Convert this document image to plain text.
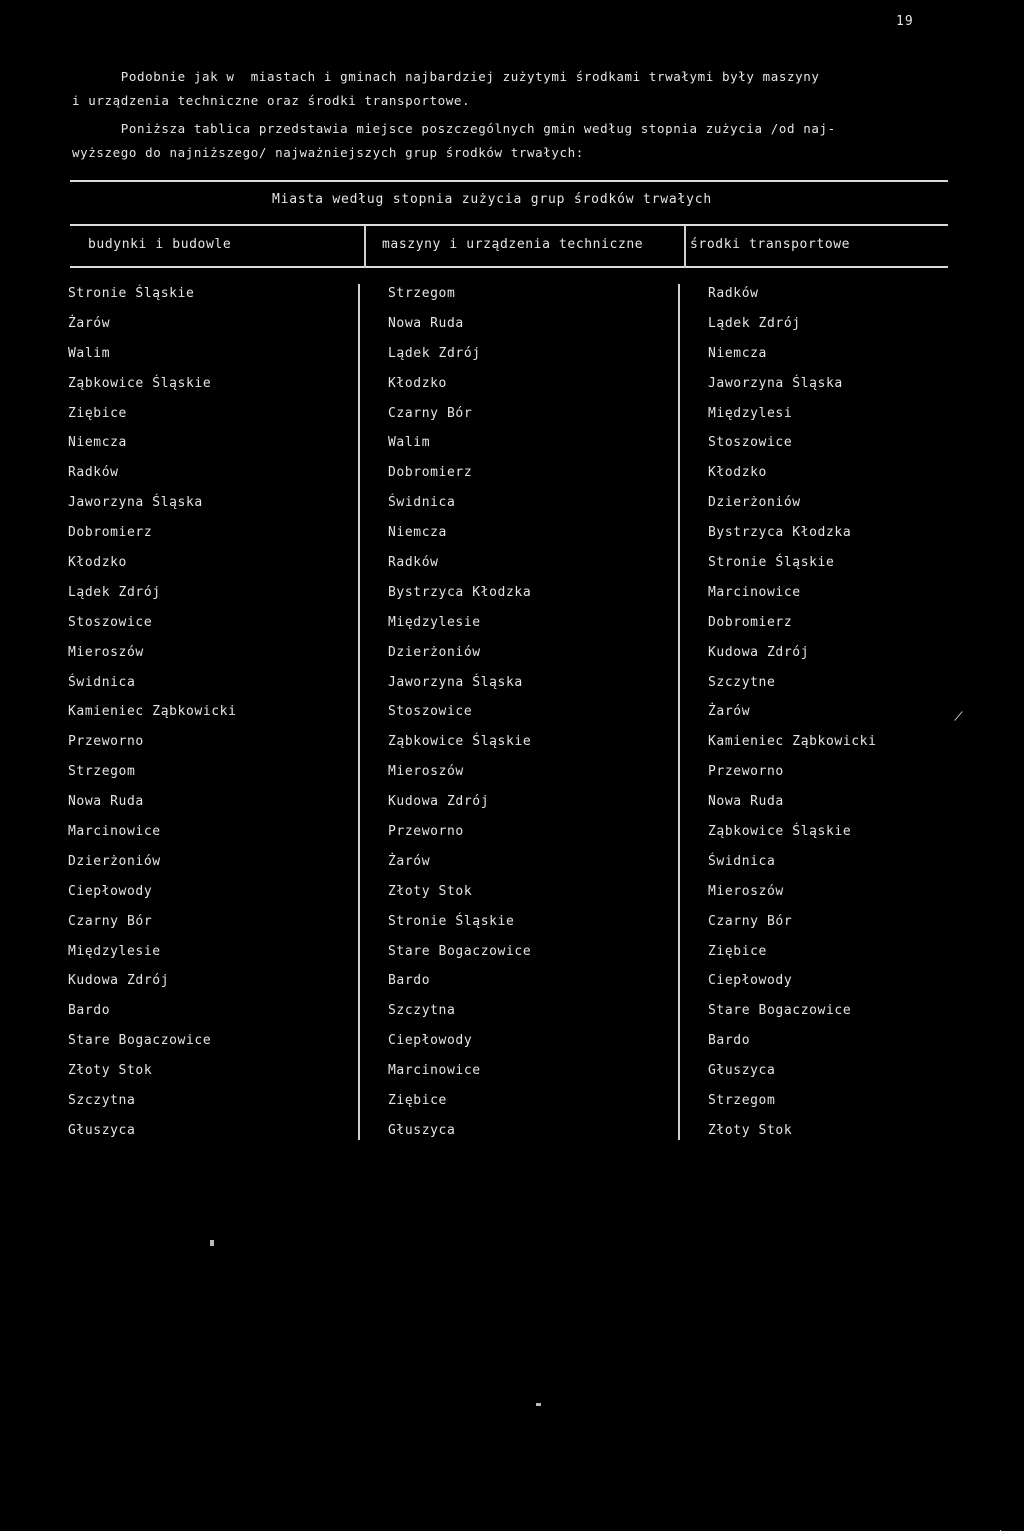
19
Podobnie jak w  miastach i gminach najbardziej zużytymi środkami trwałymi były maszyny
i urządzenia techniczne oraz środki transportowe.
Poniższa tablica przedstawia miejsce poszczególnych gmin według stopnia zużycia /od naj-
wyższego do najniższego/ najważniejszych grup środków trwałych:
Miasta według stopnia zużycia grup środków trwałych
budynki i budowle	maszyny i urządzenia techniczne	środki transportowe
Stronie Śląskie
Żarów
Walim
Ząbkowice Śląskie
Ziębice
Niemcza
Radków
Jaworzyna Śląska
Dobromierz
Kłodzko
Lądek Zdrój
Stoszowice
Mieroszów
Świdnica
Kamieniec Ząbkowicki
Przeworno
Strzegom
Nowa Ruda
Marcinowice
Dzierżoniów
Ciepłowody
Czarny Bór
Międzylesie
Kudowa Zdrój
Bardo
Stare Bogaczowice
Złoty Stok
Szczytna
Głuszyca
Strzegom
Nowa Ruda
Lądek Zdrój
Kłodzko
Czarny Bór
Walim
Dobromierz
Świdnica
Niemcza
Radków
Bystrzyca Kłodzka
Międzylesie
Dzierżoniów
Jaworzyna Śląska
Stoszowice
Ząbkowice Śląskie
Mieroszów
Kudowa Zdrój
Przeworno
Żarów
Złoty Stok
Stronie Śląskie
Stare Bogaczowice
Bardo
Szczytna
Ciepłowody
Marcinowice
Ziębice
Głuszyca
Radków
Lądek Zdrój
Niemcza
Jaworzyna Śląska
Międzylesi
Stoszowice
Kłodzko
Dzierżoniów
Bystrzyca Kłodzka
Stronie Śląskie
Marcinowice
Dobromierz
Kudowa Zdrój
Szczytne
Żarów
Kamieniec Ząbkowicki
Przeworno
Nowa Ruda
Ząbkowice Śląskie
Świdnica
Mieroszów
Czarny Bór
Ziębice
Ciepłowody
Stare Bogaczowice
Bardo
Głuszyca
Strzegom
Złoty Stok
